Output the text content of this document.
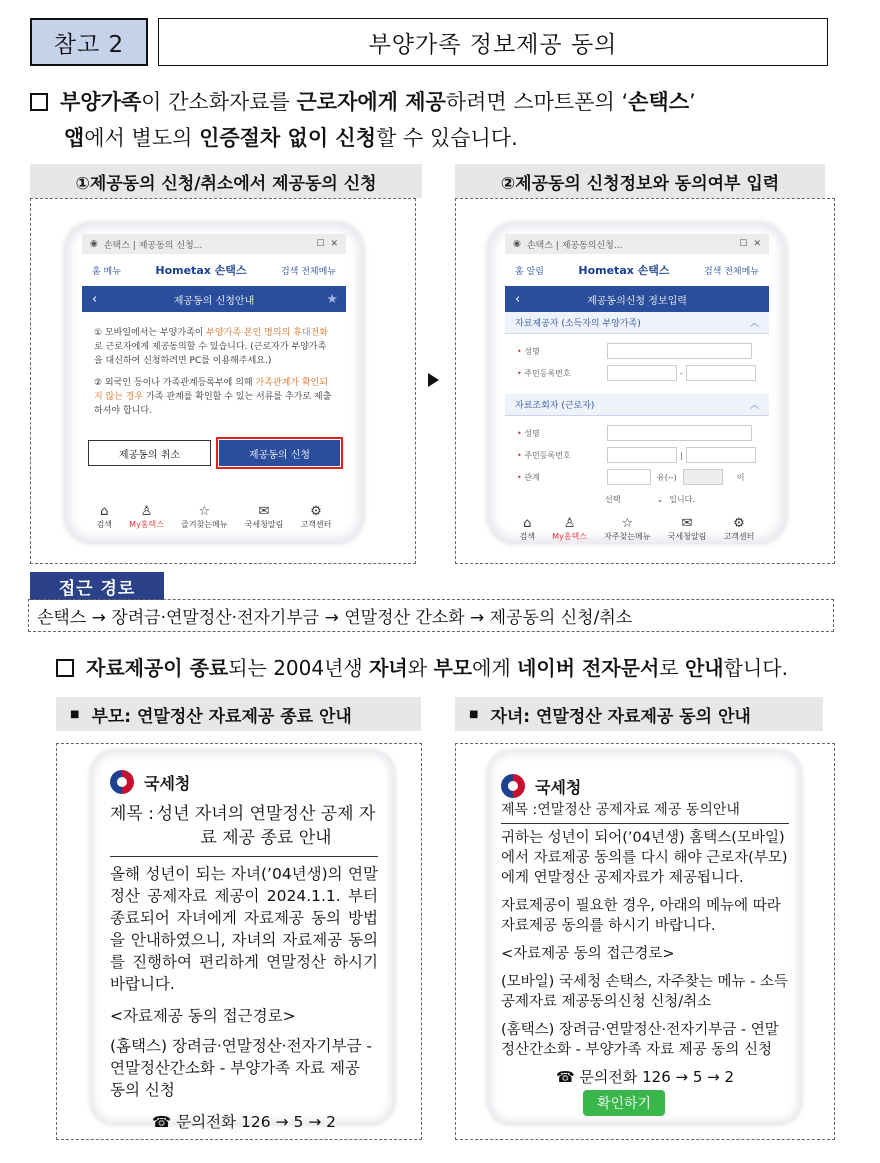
참고 2	부양가족 정보제공 동의
부양가족이 간소화자료를 근로자에게 제공하려면 스마트폰의 ‘손택스’
앱에서 별도의 인증절차 없이 신청할 수 있습니다.
①제공동의 신청/취소에서 제공동의 신청	②제공동의 신청정보와 동의여부 입력
◉ 손택스 | 제공동의 신청...	☐ ✕
홈 메뉴	Hometax 손택스	검색 전체메뉴
‹	제공동의 신청안내	★
① 모바일에서는 부양가족이 부양가족 본인 명의의 휴대전화로 근로자에게 제공동의할 수 있습니다. (근로자가 부양가족을 대신하여 신청하려면 PC를 이용해주세요.)
② 외국인 등이나 가족관계등록부에 의해 가족관계가 확인되지 않는 경우 가족 관계를 확인할 수 있는 서류를 추가로 제출하셔야 합니다.
제공동의 취소	제공동의 신청
⌂
검색
♙
My홈택스
☆
즐겨찾는메뉴
✉
국세청알림
⚙
고객센터
◉ 손택스 | 제공동의신청...	☐ ✕
홈 알림	Hometax 손택스	검색 전체메뉴
‹	제공동의신청 정보입력
자료제공자 (소득자의 부양가족)	︿
• 성명
• 주민등록번호	-
자료조회자 (근로자)	︿
• 성명
• 주민등록번호	|
• 관계	유(--)	이
선택	⌄ 입니다.
⌂
검색
♙
My홈택스
☆
자주찾는메뉴
✉
국세청알림
⚙
고객센터
접근 경로
손택스 → 장려금·연말정산·전자기부금 → 연말정산 간소화 → 제공동의 신청/취소
자료제공이 종료되는 2004년생 자녀와 부모에게 네이버 전자문서로 안내합니다.
■ 부모: 연말정산 자료제공 종료 안내	■ 자녀: 연말정산 자료제공 동의 안내
국세청
제목 : 성년 자녀의 연말정산 공제 자료 제공 종료 안내
올해 성년이 되는 자녀(’04년생)의 연말정산 공제자료 제공이 2024.1.1. 부터 종료되어 자녀에게 자료제공 동의 방법을 안내하였으니, 자녀의 자료제공 동의를 진행하여 편리하게 연말정산 하시기 바랍니다.
<자료제공 동의 접근경로>
(홈택스) 장려금·연말정산·전자기부금 - 연말정산간소화 - 부양가족 자료 제공 동의 신청
☎ 문의전화 126 → 5 → 2
국세청
제목 : 연말정산 공제자료 제공 동의안내
귀하는 성년이 되어(’04년생) 홈택스(모바일)에서 자료제공 동의를 다시 해야 근로자(부모)에게 연말정산 공제자료가 제공됩니다.
자료제공이 필요한 경우, 아래의 메뉴에 따라 자료제공 동의를 하시기 바랍니다.
<자료제공 동의 접근경로>
(모바일) 국세청 손택스, 자주찾는 메뉴 - 소득공제자료 제공동의신청 신청/취소
(홈택스) 장려금·연말정산·전자기부금 - 연말정산간소화 - 부양가족 자료 제공 동의 신청
☎ 문의전화 126 → 5 → 2
확인하기
